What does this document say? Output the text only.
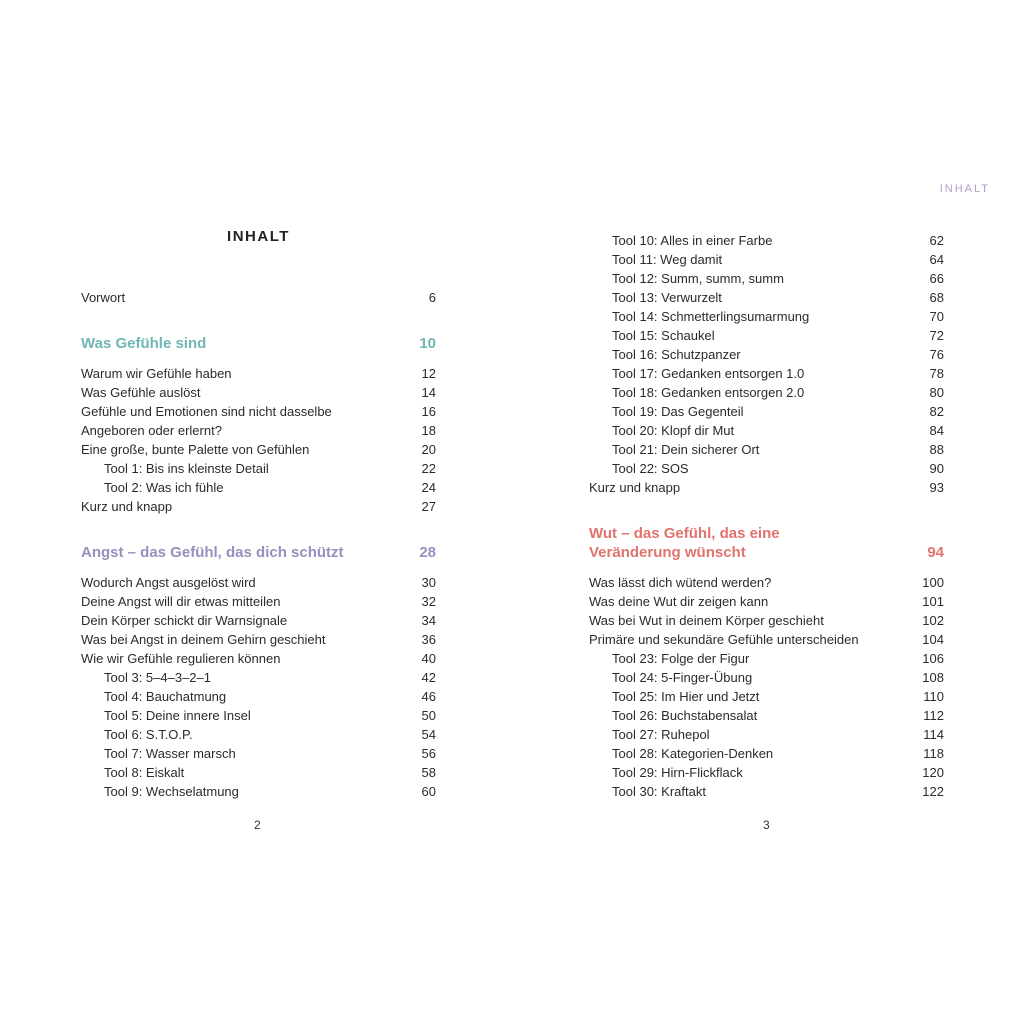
INHALT
INHALT
Vorwort	6
Was Gefühle sind	10
Warum wir Gefühle haben	12
Was Gefühle auslöst	14
Gefühle und Emotionen sind nicht dasselbe	16
Angeboren oder erlernt?	18
Eine große, bunte Palette von Gefühlen	20
Tool 1: Bis ins kleinste Detail	22
Tool 2: Was ich fühle	24
Kurz und knapp	27
Angst – das Gefühl, das dich schützt	28
Wodurch Angst ausgelöst wird	30
Deine Angst will dir etwas mitteilen	32
Dein Körper schickt dir Warnsignale	34
Was bei Angst in deinem Gehirn geschieht	36
Wie wir Gefühle regulieren können	40
Tool 3: 5–4–3–2–1	42
Tool 4: Bauchatmung	46
Tool 5: Deine innere Insel	50
Tool 6: S.T.O.P.	54
Tool 7: Wasser marsch	56
Tool 8: Eiskalt	58
Tool 9: Wechselatmung	60
2
Tool 10: Alles in einer Farbe	62
Tool 11: Weg damit	64
Tool 12: Summ, summ, summ	66
Tool 13: Verwurzelt	68
Tool 14: Schmetterlingsumarmung	70
Tool 15: Schaukel	72
Tool 16: Schutzpanzer	76
Tool 17: Gedanken entsorgen 1.0	78
Tool 18: Gedanken entsorgen 2.0	80
Tool 19: Das Gegenteil	82
Tool 20: Klopf dir Mut	84
Tool 21: Dein sicherer Ort	88
Tool 22: SOS	90
Kurz und knapp	93
Wut – das Gefühl, das eine
Veränderung wünscht	94
Was lässt dich wütend werden?	100
Was deine Wut dir zeigen kann	101
Was bei Wut in deinem Körper geschieht	102
Primäre und sekundäre Gefühle unterscheiden	104
Tool 23: Folge der Figur	106
Tool 24: 5-Finger-Übung	108
Tool 25: Im Hier und Jetzt	110
Tool 26: Buchstabensalat	112
Tool 27: Ruhepol	114
Tool 28: Kategorien-Denken	118
Tool 29: Hirn-Flickflack	120
Tool 30: Kraftakt	122
3
